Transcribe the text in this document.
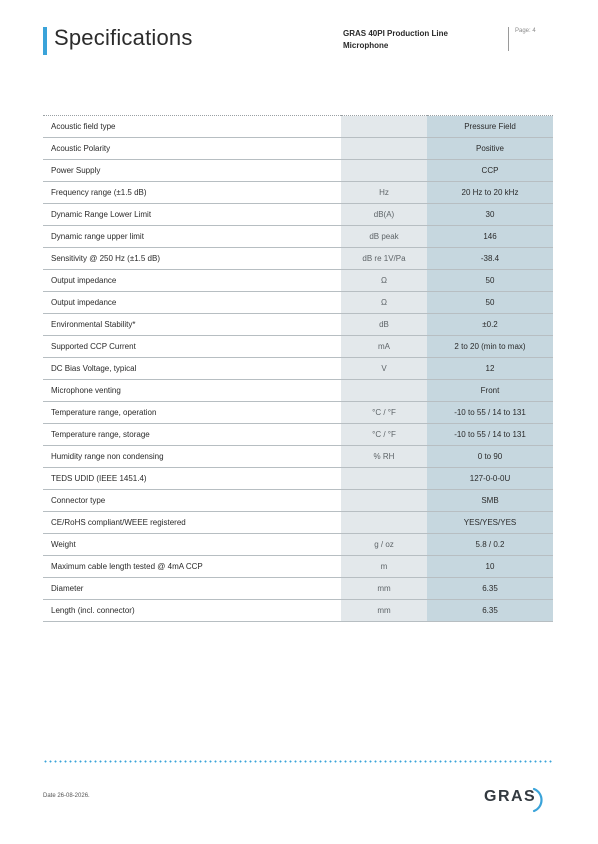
Specifications	GRAS 40PI Production Line Microphone
Page: 4
Acoustic field type		Pressure Field
Acoustic Polarity		Positive
Power Supply		CCP
Frequency range (±1.5 dB)	Hz	20 Hz to 20 kHz
Dynamic Range Lower Limit	dB(A)	30
Dynamic range upper limit	dB peak	146
Sensitivity @ 250 Hz (±1.5 dB)	dB re 1V/Pa	-38.4
Output impedance	Ω	50
Output impedance	Ω	50
Environmental Stability*	dB	±0.2
Supported CCP Current	mA	2 to 20 (min to max)
DC Bias Voltage, typical	V	12
Microphone venting		Front
Temperature range, operation	°C / °F	-10 to 55 / 14 to 131
Temperature range, storage	°C / °F	-10 to 55 / 14 to 131
Humidity range non condensing	% RH	0 to 90
TEDS UDID (IEEE 1451.4)		127-0-0-0U
Connector type		SMB
CE/RoHS compliant/WEEE registered		YES/YES/YES
Weight	g / oz	5.8 / 0.2
Maximum cable length tested @ 4mA CCP	m	10
Diameter	mm	6.35
Length (incl. connector)	mm	6.35
Date 26-08-2026.	GRAS
